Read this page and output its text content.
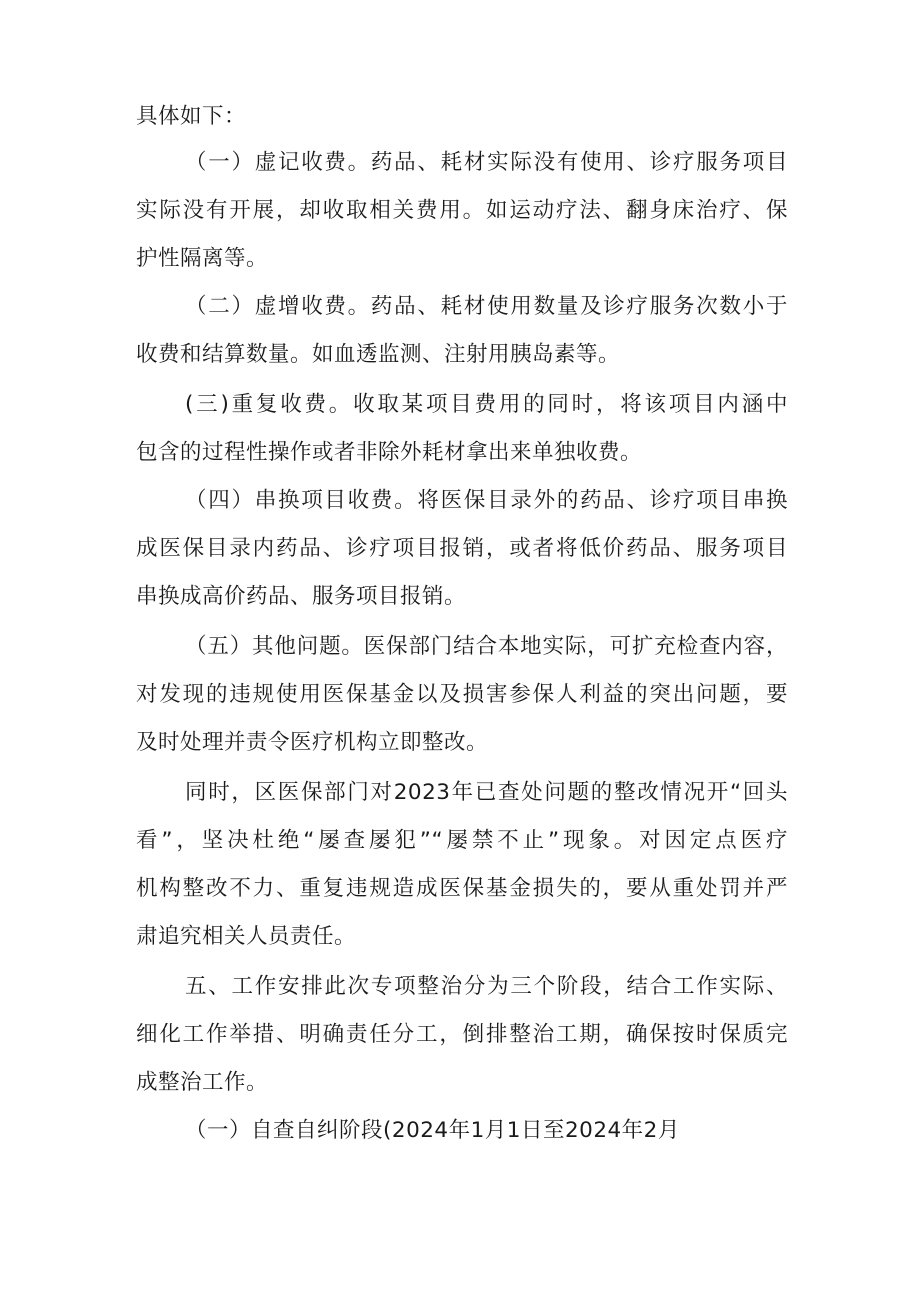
具体如下：
（一）虚记收费。药品、耗材实际没有使用、诊疗服务项目
实际没有开展，却收取相关费用。如运动疗法、翻身床治疗、保
护性隔离等。
（二）虚增收费。药品、耗材使用数量及诊疗服务次数小于
收费和结算数量。如血透监测、注射用胰岛素等。
(三)重复收费。收取某项目费用的同时，将该项目内涵中
包含的过程性操作或者非除外耗材拿出来单独收费。
（四）串换项目收费。将医保目录外的药品、诊疗项目串换
成医保目录内药品、诊疗项目报销，或者将低价药品、服务项目
串换成高价药品、服务项目报销。
（五）其他问题。医保部门结合本地实际，可扩充检查内容，
对发现的违规使用医保基金以及损害参保人利益的突出问题，要
及时处理并责令医疗机构立即整改。
同时，区医保部门对2023年已查处问题的整改情况开“回头
看”，坚决杜绝“屡查屡犯”“屡禁不止”现象。对因定点医疗
机构整改不力、重复违规造成医保基金损失的，要从重处罚并严
肃追究相关人员责任。
五、工作安排此次专项整治分为三个阶段，结合工作实际、
细化工作举措、明确责任分工，倒排整治工期，确保按时保质完
成整治工作。
（一）自查自纠阶段(2024年1月1日至2024年2月
